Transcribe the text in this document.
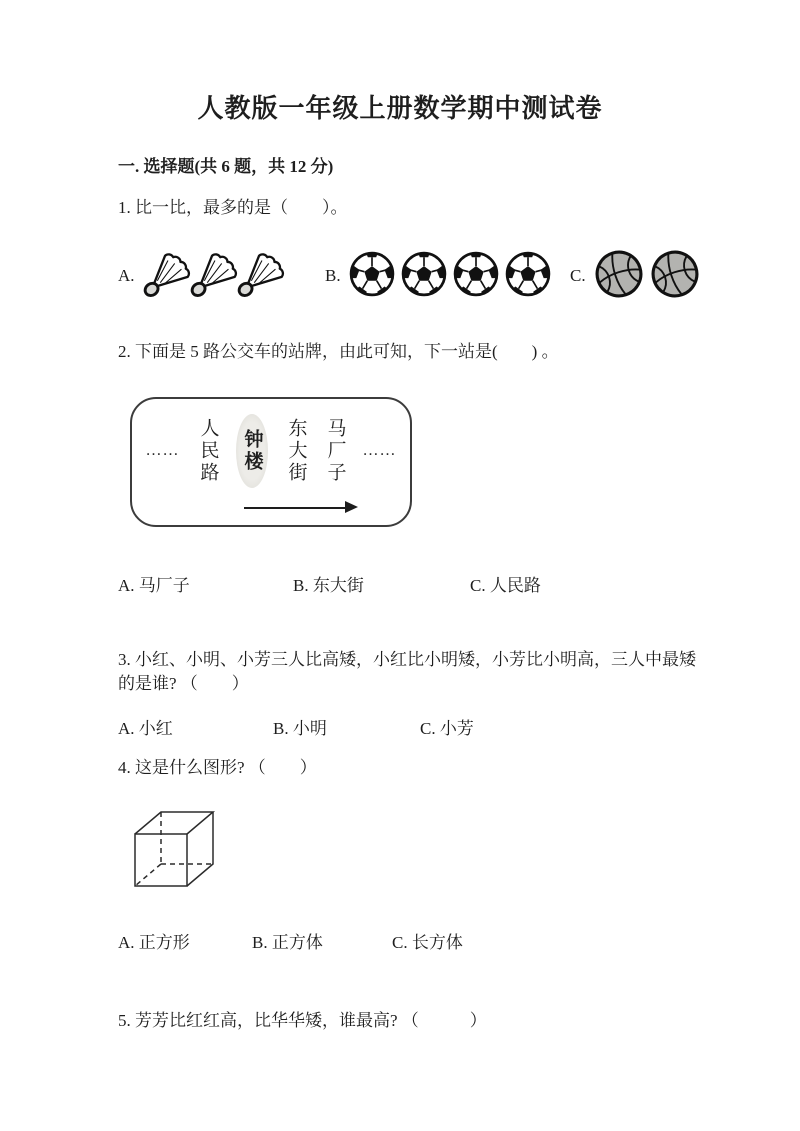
人教版一年级上册数学期中测试卷
一. 选择题(共 6 题，共 12 分)
1. 比一比，最多的是（　　）。
A.
	B.
	C.

2. 下面是 5 路公交车的站牌，由此可知，下一站是(　　) 。
…… 人民路	钟楼 东大街 马厂子 ……
A. 马厂子	B. 东大街	C. 人民路
3. 小红、小明、小芳三人比高矮，小红比小明矮，小芳比小明高，三人中最矮
的是谁? （　　）
A. 小红	B. 小明	C. 小芳
4. 这是什么图形? （　　）
A. 正方形	B. 正方体	C. 长方体
5. 芳芳比红红高，比华华矮，谁最高? （　　　）
